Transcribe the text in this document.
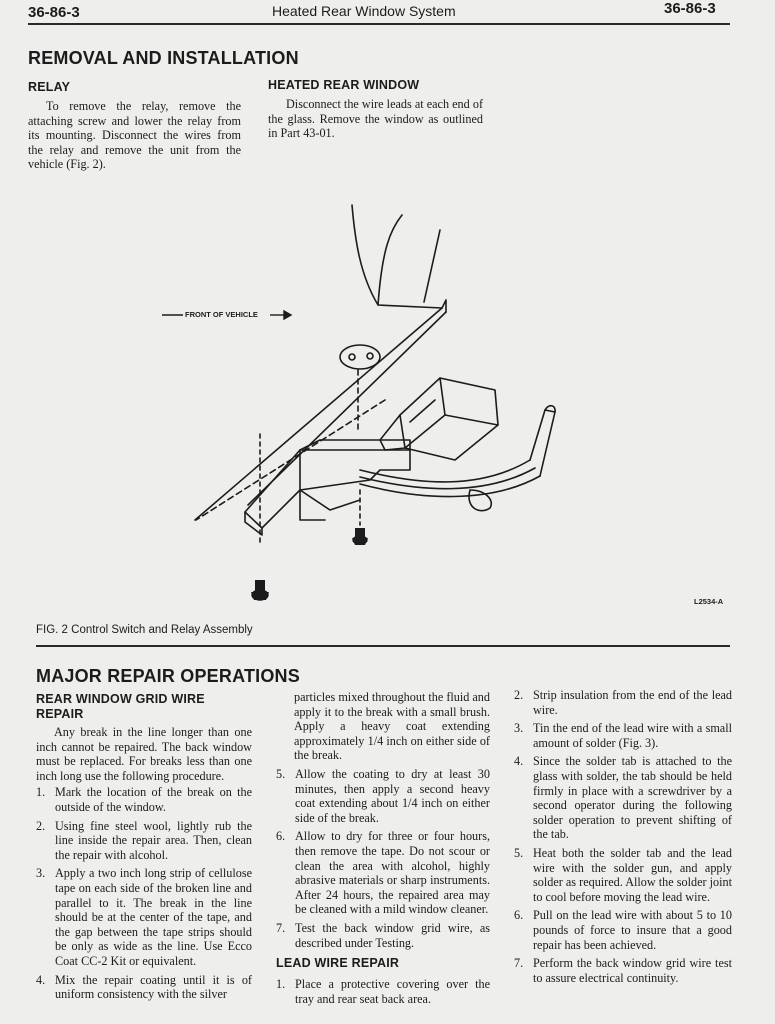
36-86-3	Heated Rear Window System	36-86-3
REMOVAL AND INSTALLATION
RELAY
To remove the relay, remove the attaching screw and lower the relay from its mounting. Disconnect the wires from the relay and remove the unit from the vehicle (Fig. 2).
HEATED REAR WINDOW
Disconnect the wire leads at each end of the glass. Remove the window as outlined in Part 43-01.
FRONT OF VEHICLE
L2534-A
FIG. 2 Control Switch and Relay Assembly
MAJOR REPAIR OPERATIONS
REAR WINDOW GRID WIRE
REPAIR
Any break in the line longer than one inch cannot be repaired. The back window must be replaced. For breaks less than one inch long use the following procedure.
1. Mark the location of the break on the outside of the window.
2. Using fine steel wool, lightly rub the line inside the repair area. Then, clean the repair with alcohol.
3. Apply a two inch long strip of cellulose tape on each side of the broken line and parallel to it. The break in the line should be at the center of the tape, and the gap between the tape strips should be only as wide as the line. Use Ecco Coat CC-2 Kit or equivalent.
4. Mix the repair coating until it is of uniform consistency with the silver
particles mixed throughout the fluid and apply it to the break with a small brush. Apply a heavy coat extending approximately 1/4 inch on either side of the break.
5. Allow the coating to dry at least 30 minutes, then apply a second heavy coat extending about 1/4 inch on either side of the break.
6. Allow to dry for three or four hours, then remove the tape. Do not scour or clean the area with alcohol, highly abrasive materials or sharp instruments. After 24 hours, the repaired area may be cleaned with a mild window cleaner.
7. Test the back window grid wire, as described under Testing.
LEAD WIRE REPAIR
1. Place a protective covering over the tray and rear seat back area.
2. Strip insulation from the end of the lead wire.
3. Tin the end of the lead wire with a small amount of solder (Fig. 3).
4. Since the solder tab is attached to the glass with solder, the tab should be held firmly in place with a screwdriver by a second operator during the following solder operation to prevent shifting of the tab.
5. Heat both the solder tab and the lead wire with the solder gun, and apply solder as required. Allow the solder joint to cool before moving the lead wire.
6. Pull on the lead wire with about 5 to 10 pounds of force to insure that a good repair has been achieved.
7. Perform the back window grid wire test to assure electrical continuity.
